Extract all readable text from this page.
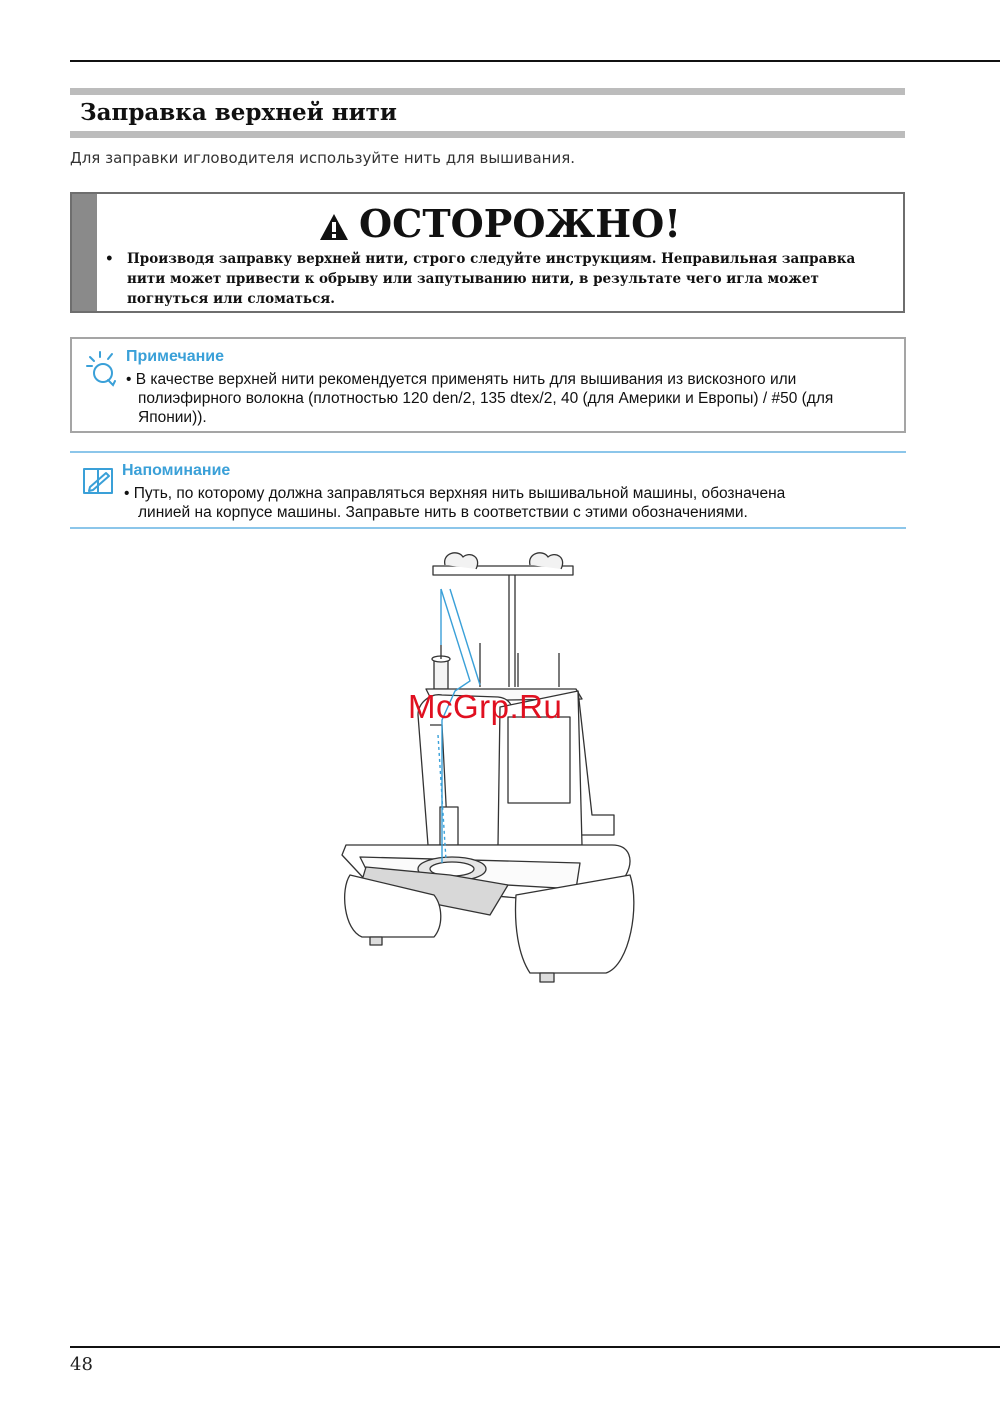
Заправка верхней нити
Для заправки игловодителя используйте нить для вышивания.
ОСТОРОЖНО!
• Производя заправку верхней нити, строго следуйте инструкциям. Неправильная заправка нити может привести к обрыву или запутыванию нити, в результате чего игла может погнуться или сломаться.
Примечание
• В качестве верхней нити рекомендуется применять нить для вышивания из вискозного или
полиэфирного волокна (плотностью 120 den/2, 135 dtex/2, 40 (для Америки и Европы) / #50 (для
Японии)).
Напоминание
• Путь, по которому должна заправляться верхняя нить вышивальной машины, обозначена
линией на корпусе машины. Заправьте нить в соответствии с этими обозначениями.
McGrp.Ru
48
